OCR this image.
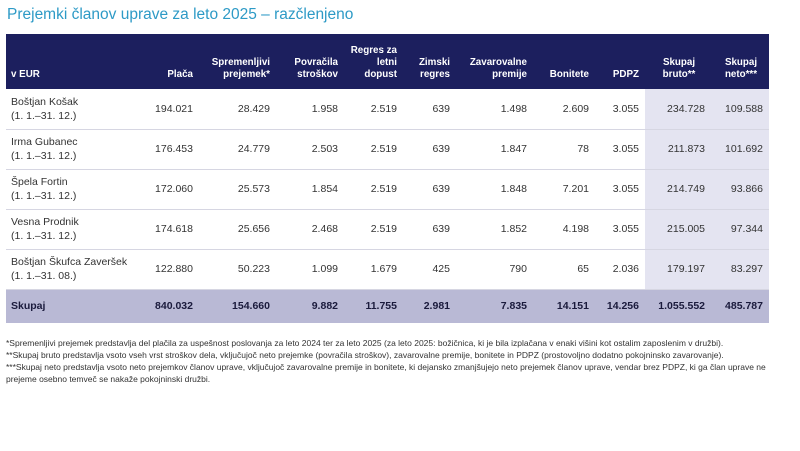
Prejemki članov uprave za leto 2025 – razčlenjeno
v EUR	Plača	Spremenljivi prejemek*	Povračila stroškov	Regres za letni dopust	Zimski regres	Zavarovalne premije	Bonitete	PDPZ	Skupaj bruto**	Skupaj neto***

Boštjan Košak
(1. 1.–31. 12.)	194.021	28.429	1.958	2.519	639	1.498	2.609	3.055	234.728	109.588

Irma Gubanec
(1. 1.–31. 12.)	176.453	24.779	2.503	2.519	639	1.847	78	3.055	211.873	101.692

Špela Fortin
(1. 1.–31. 12.)	172.060	25.573	1.854	2.519	639	1.848	7.201	3.055	214.749	93.866

Vesna Prodnik
(1. 1.–31. 12.)	174.618	25.656	2.468	2.519	639	1.852	4.198	3.055	215.005	97.344

Boštjan Škufca Zaveršek
(1. 1.–31. 08.)	122.880	50.223	1.099	1.679	425	790	65	2.036	179.197	83.297
Skupaj	840.032	154.660	9.882	11.755	2.981	7.835	14.151	14.256	1.055.552	485.787

*Spremenljivi prejemek predstavlja del plačila za uspešnost poslovanja za leto 2024 ter za leto 2025 (za leto 2025: božičnica, ki je bila izplačana v enaki višini kot ostalim zaposlenim v družbi).

**Skupaj bruto predstavlja vsoto vseh vrst stroškov dela, vključujoč neto prejemke (povračila stroškov), zavarovalne premije, bonitete in PDPZ (prostovoljno dodatno pokojninsko zavarovanje).

***Skupaj neto predstavlja vsoto neto prejemkov članov uprave, vključujoč zavarovalne premije in bonitete, ki dejansko zmanjšujejo neto prejemek članov uprave, vendar brez PDPZ, ki ga član uprave ne prejeme osebno temveč se nakaže pokojninski družbi.
